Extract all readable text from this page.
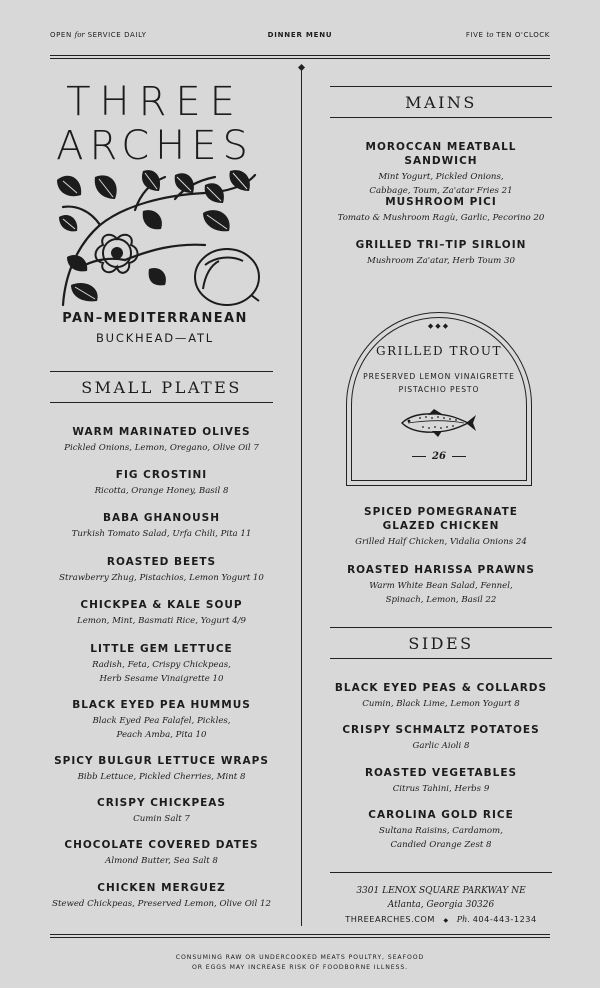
OPEN for SERVICE DAILY	DINNER MENU	FIVE to TEN O'CLOCK
THREE
ARCHES
PAN–MEDITERRANEAN
BUCKHEAD—ATL
SMALL PLATES
WARM MARINATED OLIVES
Pickled Onions, Lemon, Oregano, Olive Oil 7
FIG CROSTINI
Ricotta, Orange Honey, Basil 8
BABA GHANOUSH
Turkish Tomato Salad, Urfa Chili, Pita 11
ROASTED BEETS
Strawberry Zhug, Pistachios, Lemon Yogurt 10
CHICKPEA & KALE SOUP
Lemon, Mint, Basmati Rice, Yogurt 4/9
LITTLE GEM LETTUCE
Radish, Feta, Crispy Chickpeas,
Herb Sesame Vinaigrette 10
BLACK EYED PEA HUMMUS
Black Eyed Pea Falafel, Pickles,
Peach Amba, Pita 10
SPICY BULGUR LETTUCE WRAPS
Bibb Lettuce, Pickled Cherries, Mint 8
CRISPY CHICKPEAS
Cumin Salt 7
CHOCOLATE COVERED DATES
Almond Butter, Sea Salt 8
CHICKEN MERGUEZ
Stewed Chickpeas, Preserved Lemon, Olive Oil 12
MAINS
MOROCCAN MEATBALL SANDWICH
Mint Yogurt, Pickled Onions,
Cabbage, Toum, Za'atar Fries 21
MUSHROOM PICI
Tomato & Mushroom Ragù, Garlic, Pecorino 20
GRILLED TRI–TIP SIRLOIN
Mushroom Za'atar, Herb Toum 30
◆◆◆
GRILLED TROUT
PRESERVED LEMON VINAIGRETTE
PISTACHIO PESTO
26
SPICED POMEGRANATE
GLAZED CHICKEN
Grilled Half Chicken, Vidalia Onions 24
ROASTED HARISSA PRAWNS
Warm White Bean Salad, Fennel,
Spinach, Lemon, Basil 22
SIDES
BLACK EYED PEAS & COLLARDS
Cumin, Black Lime, Lemon Yogurt 8
CRISPY SCHMALTZ POTATOES
Garlic Aioli 8
ROASTED VEGETABLES
Citrus Tahini, Herbs 9
CAROLINA GOLD RICE
Sultana Raisins, Cardamom,
Candied Orange Zest 8
3301 LENOX SQUARE PARKWAY NE
Atlanta, Georgia 30326
THREEARCHES.COM ◆ Ph. 404-443-1234
CONSUMING RAW OR UNDERCOOKED MEATS POULTRY, SEAFOOD
OR EGGS MAY INCREASE RISK OF FOODBORNE ILLNESS.
